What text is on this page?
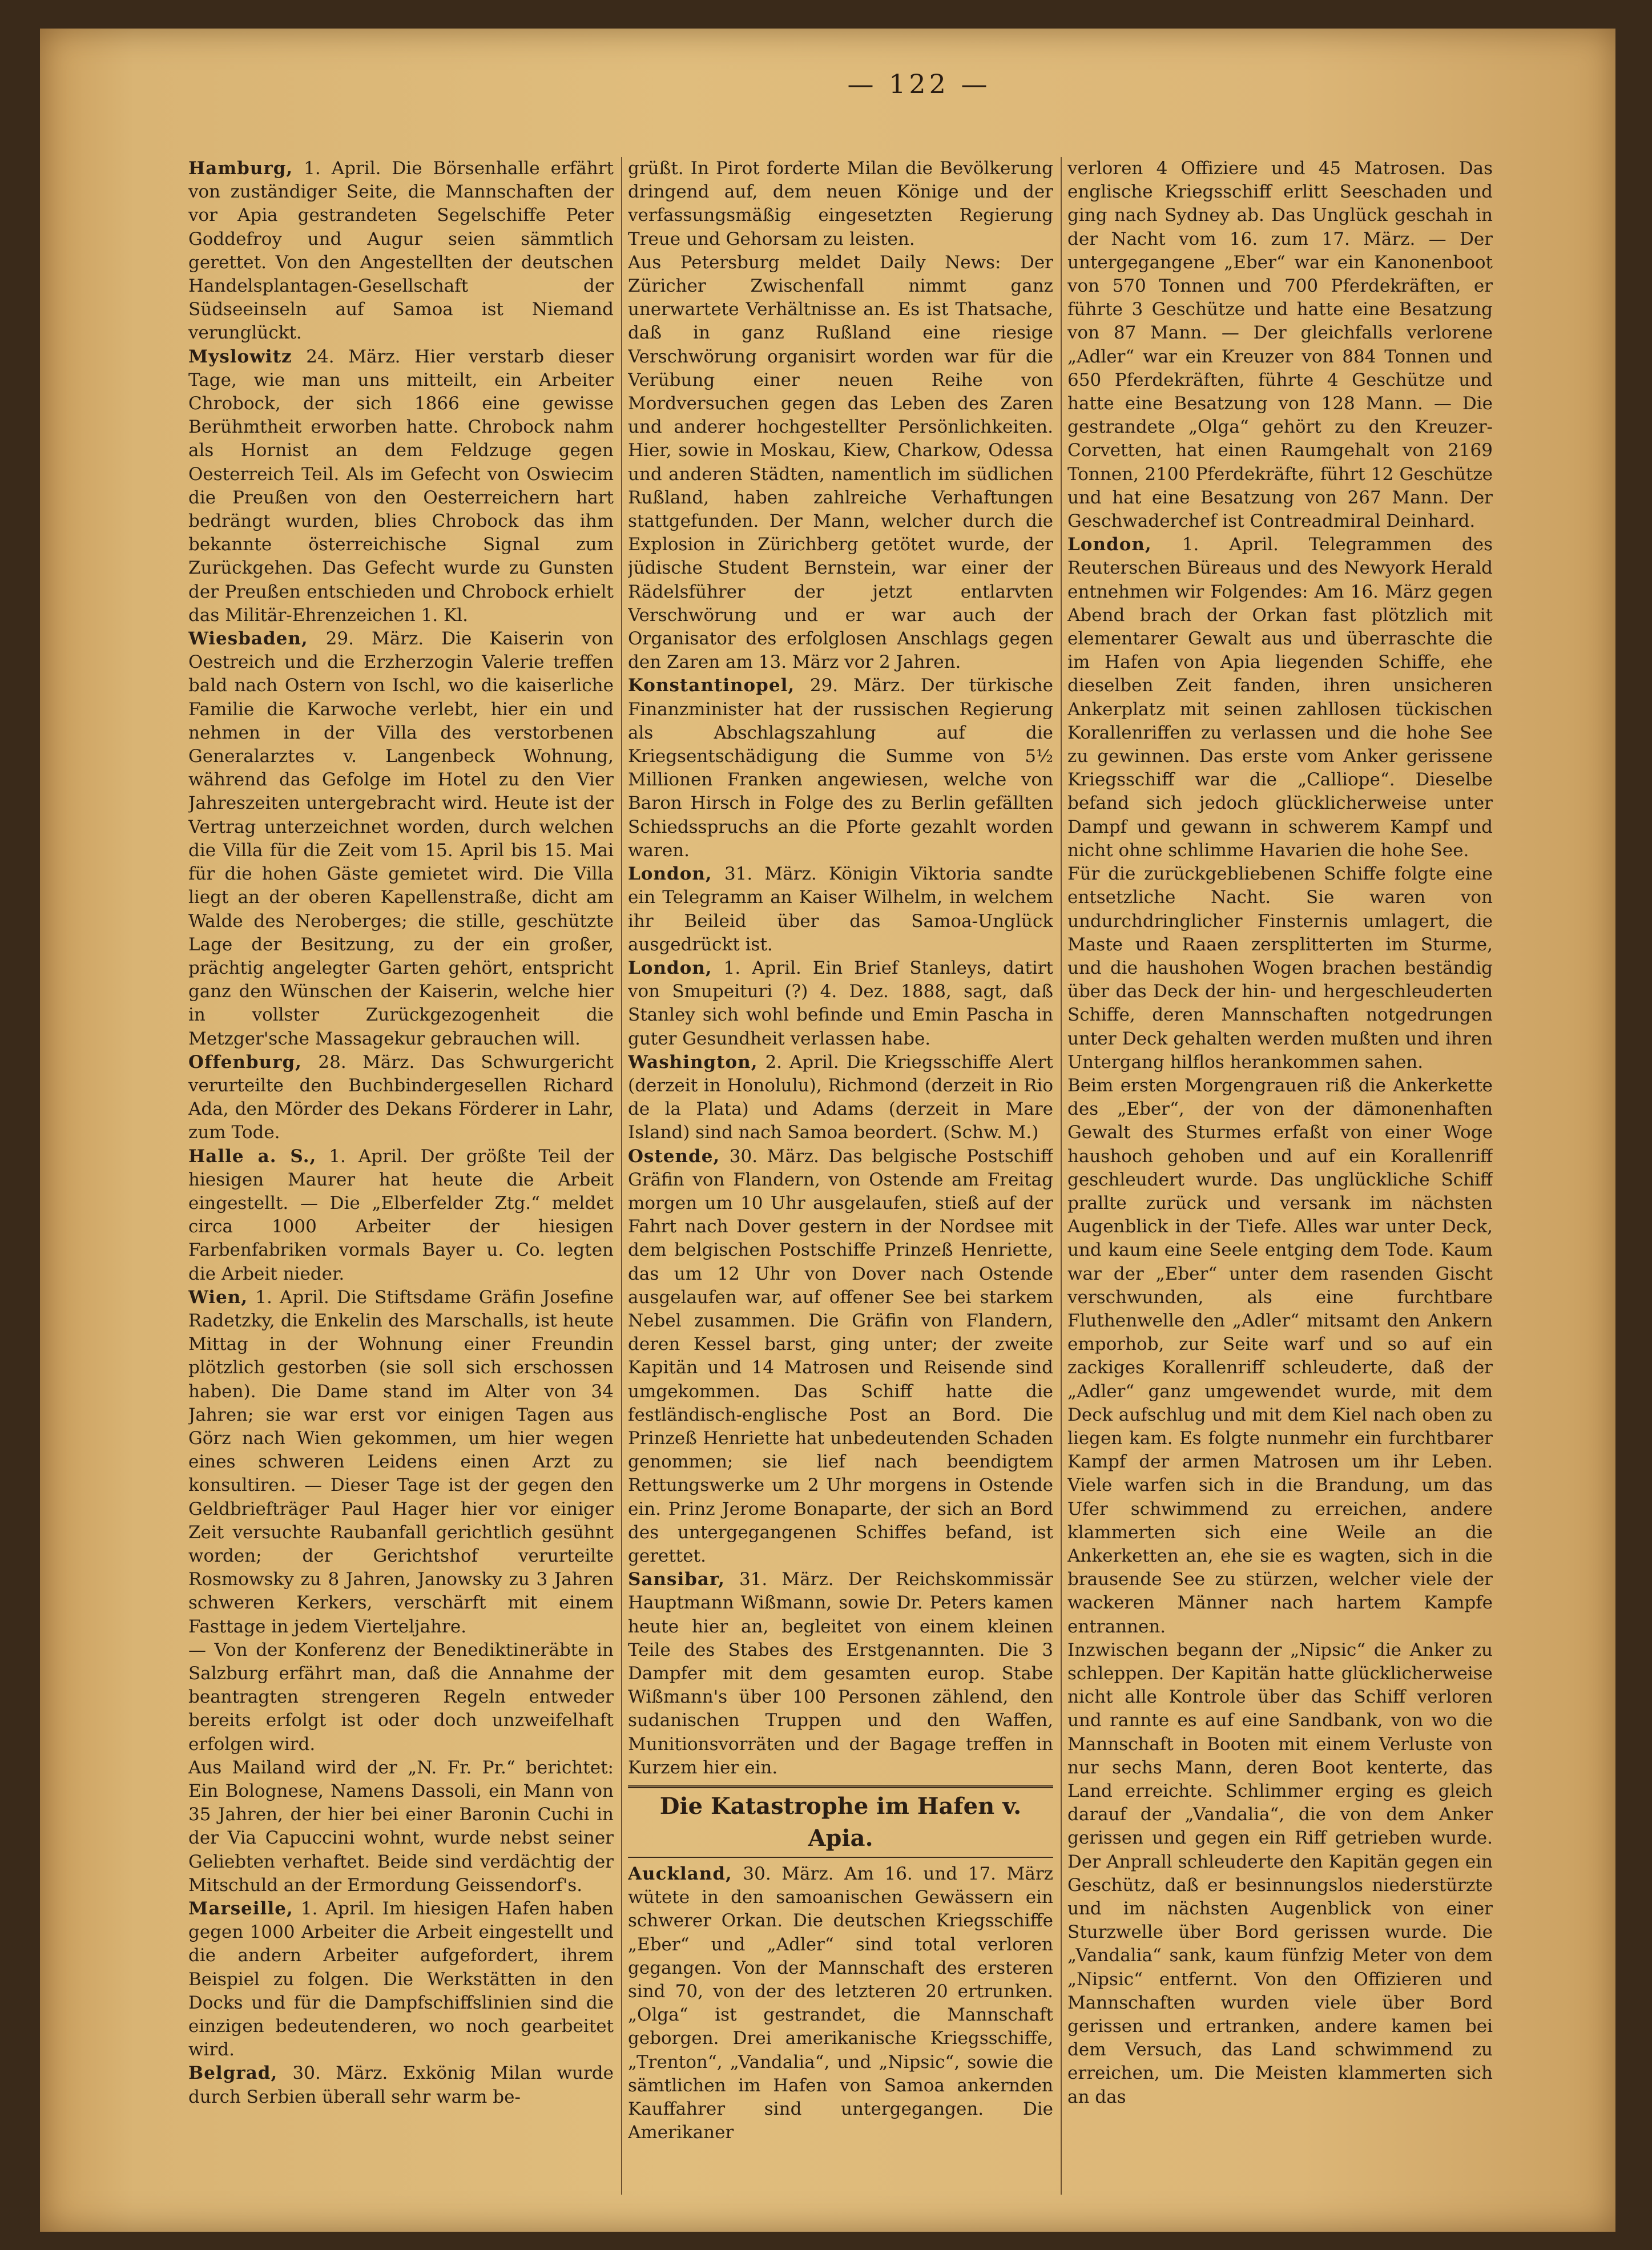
— 122 —

Hamburg, 1. April. Die Börsenhalle erfährt von zuständiger Seite, die Mannschaften der vor Apia gestrandeten Segelschiffe Peter Goddefroy und Augur seien sämmtlich gerettet. Von den Angestellten der deutschen Handelsplantagen-Gesellschaft der Südseeinseln auf Samoa ist Niemand verunglückt.

Myslowitz 24. März. Hier verstarb dieser Tage, wie man uns mitteilt, ein Arbeiter Chrobock, der sich 1866 eine gewisse Berühmtheit erworben hatte. Chrobock nahm als Hornist an dem Feldzuge gegen Oesterreich Teil. Als im Gefecht von Oswiecim die Preußen von den Oesterreichern hart bedrängt wurden, blies Chrobock das ihm bekannte österreichische Signal zum Zurückgehen. Das Gefecht wurde zu Gunsten der Preußen entschieden und Chrobock erhielt das Militär-Ehrenzeichen 1. Kl.

Wiesbaden, 29. März. Die Kaiserin von Oestreich und die Erzherzogin Valerie treffen bald nach Ostern von Ischl, wo die kaiserliche Familie die Karwoche verlebt, hier ein und nehmen in der Villa des verstorbenen Generalarztes v. Langenbeck Wohnung, während das Gefolge im Hotel zu den Vier Jahreszeiten untergebracht wird. Heute ist der Vertrag unterzeichnet worden, durch welchen die Villa für die Zeit vom 15. April bis 15. Mai für die hohen Gäste gemietet wird. Die Villa liegt an der oberen Kapellenstraße, dicht am Walde des Neroberges; die stille, geschützte Lage der Besitzung, zu der ein großer, prächtig angelegter Garten gehört, entspricht ganz den Wünschen der Kaiserin, welche hier in vollster Zurückgezogenheit die Metzger'sche Massagekur gebrauchen will.

Offenburg, 28. März. Das Schwurgericht verurteilte den Buchbindergesellen Richard Ada, den Mörder des Dekans Förderer in Lahr, zum Tode.

Halle a. S., 1. April. Der größte Teil der hiesigen Maurer hat heute die Arbeit eingestellt. — Die „Elberfelder Ztg.“ meldet circa 1000 Arbeiter der hiesigen Farbenfabriken vormals Bayer u. Co. legten die Arbeit nieder.

Wien, 1. April. Die Stiftsdame Gräfin Josefine Radetzky, die Enkelin des Marschalls, ist heute Mittag in der Wohnung einer Freundin plötzlich gestorben (sie soll sich erschossen haben). Die Dame stand im Alter von 34 Jahren; sie war erst vor einigen Tagen aus Görz nach Wien gekommen, um hier wegen eines schweren Leidens einen Arzt zu konsultiren. — Dieser Tage ist der gegen den Geldbriefträger Paul Hager hier vor einiger Zeit versuchte Raubanfall gerichtlich gesühnt worden; der Gerichtshof verurteilte Rosmowsky zu 8 Jahren, Janowsky zu 3 Jahren schweren Kerkers, verschärft mit einem Fasttage in jedem Vierteljahre.

— Von der Konferenz der Benediktineräbte in Salzburg erfährt man, daß die Annahme der beantragten strengeren Regeln entweder bereits erfolgt ist oder doch unzweifelhaft erfolgen wird.

Aus Mailand wird der „N. Fr. Pr.“ berichtet: Ein Bolognese, Namens Dassoli, ein Mann von 35 Jahren, der hier bei einer Baronin Cuchi in der Via Capuccini wohnt, wurde nebst seiner Geliebten verhaftet. Beide sind verdächtig der Mitschuld an der Ermordung Geissendorf's.

Marseille, 1. April. Im hiesigen Hafen haben gegen 1000 Arbeiter die Arbeit eingestellt und die andern Arbeiter aufgefordert, ihrem Beispiel zu folgen. Die Werkstätten in den Docks und für die Dampfschiffslinien sind die einzigen bedeutenderen, wo noch gearbeitet wird.

Belgrad, 30. März. Exkönig Milan wurde durch Serbien überall sehr warm be-

grüßt. In Pirot forderte Milan die Bevölkerung dringend auf, dem neuen Könige und der verfassungsmäßig eingesetzten Regierung Treue und Gehorsam zu leisten.

Aus Petersburg meldet Daily News: Der Züricher Zwischenfall nimmt ganz unerwartete Verhältnisse an. Es ist Thatsache, daß in ganz Rußland eine riesige Verschwörung organisirt worden war für die Verübung einer neuen Reihe von Mordversuchen gegen das Leben des Zaren und anderer hochgestellter Persönlichkeiten. Hier, sowie in Moskau, Kiew, Charkow, Odessa und anderen Städten, namentlich im südlichen Rußland, haben zahlreiche Verhaftungen stattgefunden. Der Mann, welcher durch die Explosion in Zürichberg getötet wurde, der jüdische Student Bernstein, war einer der Rädelsführer der jetzt entlarvten Verschwörung und er war auch der Organisator des erfolglosen Anschlags gegen den Zaren am 13. März vor 2 Jahren.

Konstantinopel, 29. März. Der türkische Finanzminister hat der russischen Regierung als Abschlagszahlung auf die Kriegsentschädigung die Summe von 5½ Millionen Franken angewiesen, welche von Baron Hirsch in Folge des zu Berlin gefällten Schiedsspruchs an die Pforte gezahlt worden waren.

London, 31. März. Königin Viktoria sandte ein Telegramm an Kaiser Wilhelm, in welchem ihr Beileid über das Samoa-Unglück ausgedrückt ist.

London, 1. April. Ein Brief Stanleys, datirt von Smupeituri (?) 4. Dez. 1888, sagt, daß Stanley sich wohl befinde und Emin Pascha in guter Gesundheit verlassen habe.

Washington, 2. April. Die Kriegsschiffe Alert (derzeit in Honolulu), Richmond (derzeit in Rio de la Plata) und Adams (derzeit in Mare Island) sind nach Samoa beordert. (Schw. M.)

Ostende, 30. März. Das belgische Postschiff Gräfin von Flandern, von Ostende am Freitag morgen um 10 Uhr ausgelaufen, stieß auf der Fahrt nach Dover gestern in der Nordsee mit dem belgischen Postschiffe Prinzeß Henriette, das um 12 Uhr von Dover nach Ostende ausgelaufen war, auf offener See bei starkem Nebel zusammen. Die Gräfin von Flandern, deren Kessel barst, ging unter; der zweite Kapitän und 14 Matrosen und Reisende sind umgekommen. Das Schiff hatte die festländisch-englische Post an Bord. Die Prinzeß Henriette hat unbedeutenden Schaden genommen; sie lief nach beendigtem Rettungswerke um 2 Uhr morgens in Ostende ein. Prinz Jerome Bonaparte, der sich an Bord des untergegangenen Schiffes befand, ist gerettet.

Sansibar, 31. März. Der Reichskommissär Hauptmann Wißmann, sowie Dr. Peters kamen heute hier an, begleitet von einem kleinen Teile des Stabes des Erstgenannten. Die 3 Dampfer mit dem gesamten europ. Stabe Wißmann's über 100 Personen zählend, den sudanischen Truppen und den Waffen, Munitionsvorräten und der Bagage treffen in Kurzem hier ein.

Die Katastrophe im Hafen v. Apia.

Auckland, 30. März. Am 16. und 17. März wütete in den samoanischen Gewässern ein schwerer Orkan. Die deutschen Kriegsschiffe „Eber“ und „Adler“ sind total verloren gegangen. Von der Mannschaft des ersteren sind 70, von der des letzteren 20 ertrunken. „Olga“ ist gestrandet, die Mannschaft geborgen. Drei amerikanische Kriegsschiffe, „Trenton“, „Vandalia“, und „Nipsic“, sowie die sämtlichen im Hafen von Samoa ankernden Kauffahrer sind untergegangen. Die Amerikaner

verloren 4 Offiziere und 45 Matrosen. Das englische Kriegsschiff erlitt Seeschaden und ging nach Sydney ab. Das Unglück geschah in der Nacht vom 16. zum 17. März. — Der untergegangene „Eber“ war ein Kanonenboot von 570 Tonnen und 700 Pferdekräften, er führte 3 Geschütze und hatte eine Besatzung von 87 Mann. — Der gleichfalls verlorene „Adler“ war ein Kreuzer von 884 Tonnen und 650 Pferdekräften, führte 4 Geschütze und hatte eine Besatzung von 128 Mann. — Die gestrandete „Olga“ gehört zu den Kreuzer-Corvetten, hat einen Raumgehalt von 2169 Tonnen, 2100 Pferdekräfte, führt 12 Geschütze und hat eine Besatzung von 267 Mann. Der Geschwaderchef ist Contreadmiral Deinhard.

London, 1. April. Telegrammen des Reuterschen Büreaus und des Newyork Herald entnehmen wir Folgendes: Am 16. März gegen Abend brach der Orkan fast plötzlich mit elementarer Gewalt aus und überraschte die im Hafen von Apia liegenden Schiffe, ehe dieselben Zeit fanden, ihren unsicheren Ankerplatz mit seinen zahllosen tückischen Korallenriffen zu verlassen und die hohe See zu gewinnen. Das erste vom Anker gerissene Kriegsschiff war die „Calliope“. Dieselbe befand sich jedoch glücklicherweise unter Dampf und gewann in schwerem Kampf und nicht ohne schlimme Havarien die hohe See.

Für die zurückgebliebenen Schiffe folgte eine entsetzliche Nacht. Sie waren von undurchdringlicher Finsternis umlagert, die Maste und Raaen zersplitterten im Sturme, und die haushohen Wogen brachen beständig über das Deck der hin- und hergeschleuderten Schiffe, deren Mannschaften notgedrungen unter Deck gehalten werden mußten und ihren Untergang hilflos herankommen sahen.

Beim ersten Morgengrauen riß die Ankerkette des „Eber“, der von der dämonenhaften Gewalt des Sturmes erfaßt von einer Woge haushoch gehoben und auf ein Korallenriff geschleudert wurde. Das unglückliche Schiff prallte zurück und versank im nächsten Augenblick in der Tiefe. Alles war unter Deck, und kaum eine Seele entging dem Tode. Kaum war der „Eber“ unter dem rasenden Gischt verschwunden, als eine furchtbare Fluthenwelle den „Adler“ mitsamt den Ankern emporhob, zur Seite warf und so auf ein zackiges Korallenriff schleuderte, daß der „Adler“ ganz umgewendet wurde, mit dem Deck aufschlug und mit dem Kiel nach oben zu liegen kam. Es folgte nunmehr ein furchtbarer Kampf der armen Matrosen um ihr Leben. Viele warfen sich in die Brandung, um das Ufer schwimmend zu erreichen, andere klammerten sich eine Weile an die Ankerketten an, ehe sie es wagten, sich in die brausende See zu stürzen, welcher viele der wackeren Männer nach hartem Kampfe entrannen.

Inzwischen begann der „Nipsic“ die Anker zu schleppen. Der Kapitän hatte glücklicherweise nicht alle Kontrole über das Schiff verloren und rannte es auf eine Sandbank, von wo die Mannschaft in Booten mit einem Verluste von nur sechs Mann, deren Boot kenterte, das Land erreichte. Schlimmer erging es gleich darauf der „Vandalia“, die von dem Anker gerissen und gegen ein Riff getrieben wurde. Der Anprall schleuderte den Kapitän gegen ein Geschütz, daß er besinnungslos niederstürzte und im nächsten Augenblick von einer Sturzwelle über Bord gerissen wurde. Die „Vandalia“ sank, kaum fünfzig Meter von dem „Nipsic“ entfernt. Von den Offizieren und Mannschaften wurden viele über Bord gerissen und ertranken, andere kamen bei dem Versuch, das Land schwimmend zu erreichen, um. Die Meisten klammerten sich an das
